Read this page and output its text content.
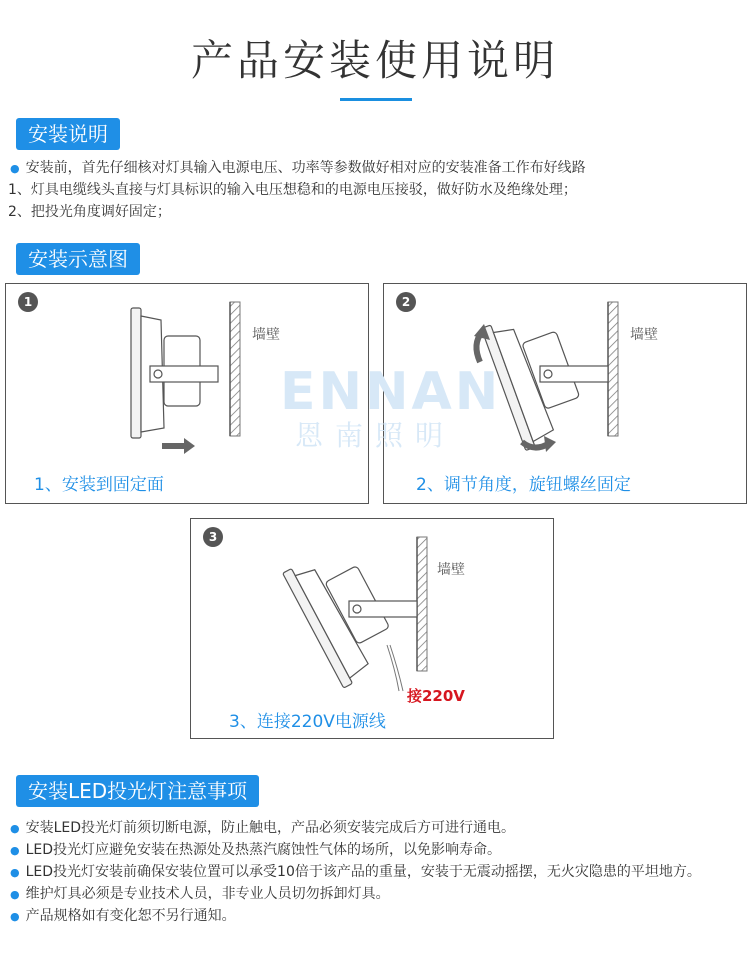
产品安装使用说明
安装说明
● 安装前，首先仔细核对灯具输入电源电压、功率等参数做好相对应的安装准备工作布好线路
1、灯具电缆线头直接与灯具标识的输入电压想稳和的电源电压接驳，做好防水及绝缘处理；
2、把投光角度调好固定；
安装示意图
1
墙壁
1、安装到固定面
2
墙壁
2、调节角度，旋钮螺丝固定
3
墙壁
接220V
3、连接220V电源线
ENNAN
恩南照明
安装LED投光灯注意事项
● 安装LED投光灯前须切断电源，防止触电，产品必须安装完成后方可进行通电。
● LED投光灯应避免安装在热源处及热蒸汽腐蚀性气体的场所，以免影响寿命。
● LED投光灯安装前确保安装位置可以承受10倍于该产品的重量，安装于无震动摇摆，无火灾隐患的平坦地方。
● 维护灯具必须是专业技术人员，非专业人员切勿拆卸灯具。
● 产品规格如有变化恕不另行通知。
